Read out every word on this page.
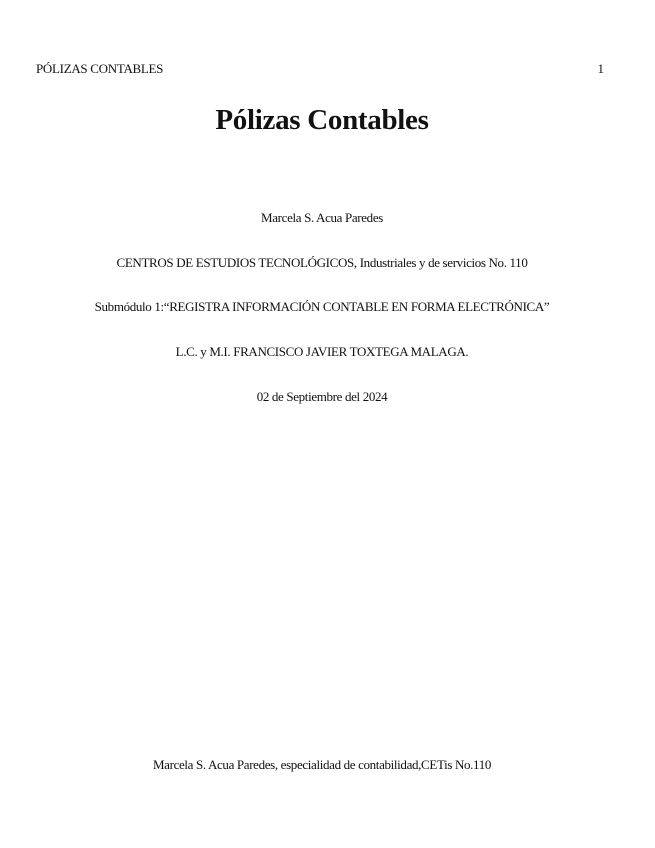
PÓLIZAS CONTABLES	1
Pólizas Contables
Marcela S. Acua Paredes
CENTROS DE ESTUDIOS TECNOLÓGICOS, Industriales y de servicios No. 110
Submódulo 1:“REGISTRA INFORMACIÓN CONTABLE EN FORMA ELECTRÓNICA”
L.C. y M.I. FRANCISCO JAVIER TOXTEGA MALAGA.
02 de Septiembre del 2024
Marcela S. Acua Paredes, especialidad de contabilidad,CETis No.110
